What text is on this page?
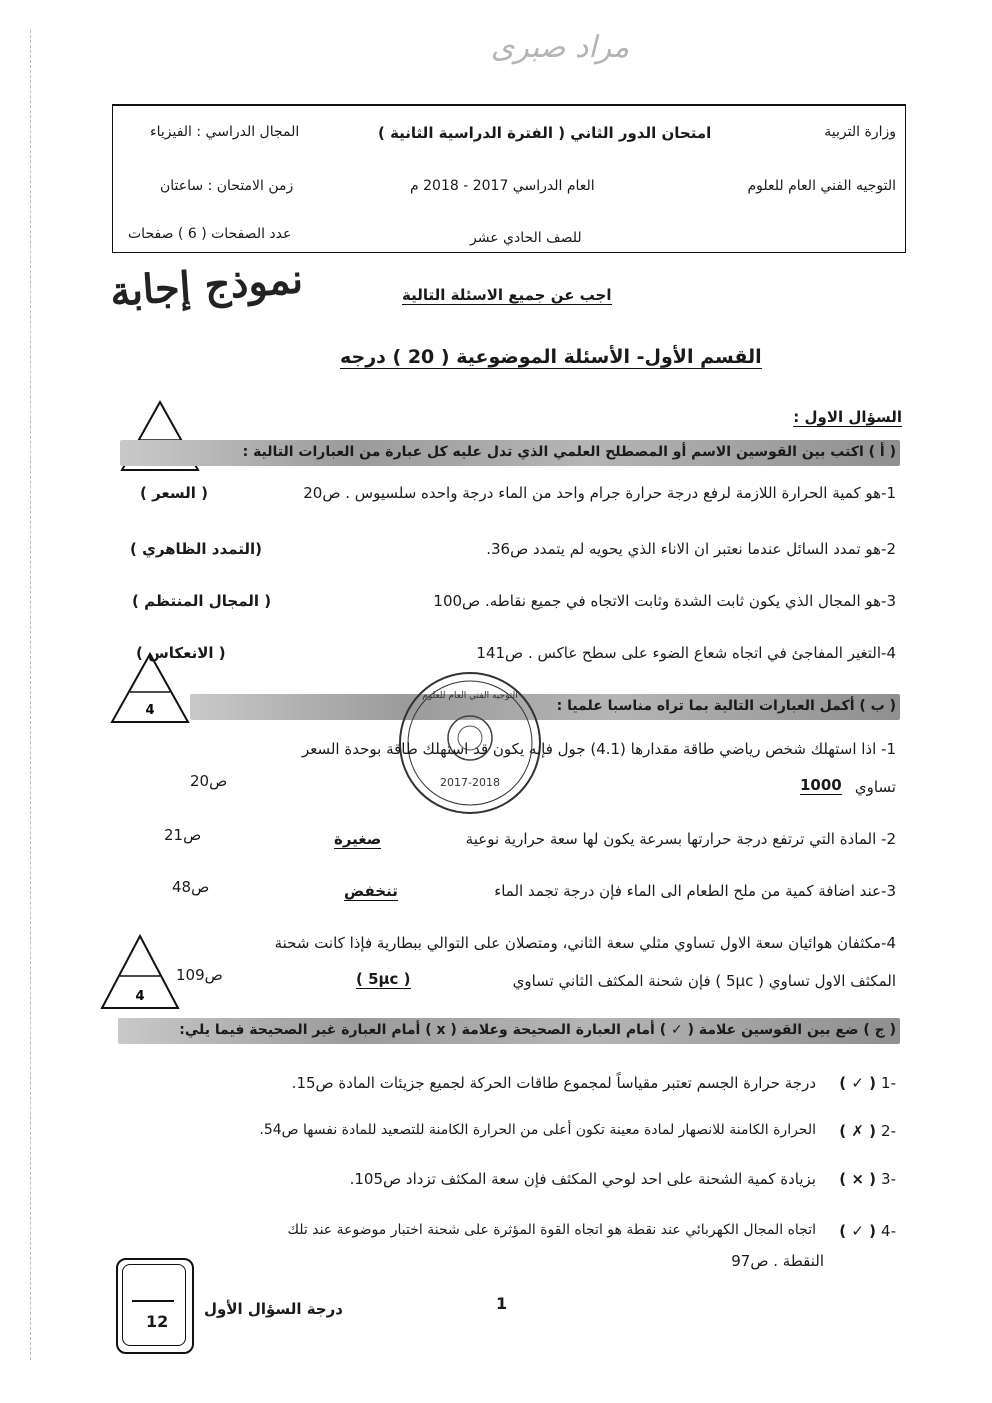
مراد صبرى
وزارة التربية
امتحان الدور الثاني ( الفترة الدراسية الثانية )
المجال الدراسي : الفيزياء
التوجيه الفني العام للعلوم
العام الدراسي 2017 - 2018 م
زمن الامتحان : ساعتان
للصف الحادي عشر
عدد الصفحات ( 6 ) صفحات
نموذج إجابة	اجب عن جميع الاسئلة التالية
القسم الأول- الأسئلة الموضوعية ( 20 ) درجه
السؤال الاول :
4
4
( أ ) اكتب بين القوسين الاسم أو المصطلح العلمي الذي تدل عليه كل عبارة من العبارات التالية :
1-هو كمية الحرارة اللازمة لرفع درجة حرارة جرام واحد من الماء درجة واحده سلسيوس . ص20
( السعر )
2-هو تمدد السائل عندما نعتبر ان الاناء الذي يحويه لم يتمدد ص36.
(التمدد الظاهري )
3-هو المجال الذي يكون ثابت الشدة وثابت الاتجاه في جميع نقاطه. ص100
( المجال المنتظم )
4-التغير المفاجئ في اتجاه شعاع الضوء على سطح عاكس . ص141
( الانعكاس )
( ب ) أكمل العبارات التالية بما تراه مناسبا علميا :
التوجيه الفني العام للعلوم
2017-2018
1- اذا استهلك شخص رياضي طاقة مقدارها (4.1) جول فإنه يكون قد استهلك طاقة بوحدة السعر
تساوي
1000
ص20
2- المادة التي ترتفع درجة حرارتها بسرعة يكون لها سعة حرارية نوعية
صغيرة
ص21
3-عند اضافة كمية من ملح الطعام الى الماء فإن درجة تجمد الماء
تنخفض
ص48
4-مكثفان هوائيان سعة الاول تساوي مثلي سعة الثاني، ومتصلان على التوالي ببطارية فإذا كانت شحنة
المكثف الاول تساوي ( 5μc ) فإن شحنة المكثف الثاني تساوي
( 5μc )
ص109
( ج ) ضع بين القوسين علامة ( ✓ ) أمام العبارة الصحيحة وعلامة ( x ) أمام العبارة غير الصحيحة فيما يلي:
1-
( ✓ )
درجة حرارة الجسم تعتبر مقياساً لمجموع طاقات الحركة لجميع جزيئات المادة ص15.
2-
( ✗ )
الحرارة الكامنة للانصهار لمادة معينة تكون أعلى من الحرارة الكامنة للتصعيد للمادة نفسها ص54.
3-
( × )
بزيادة كمية الشحنة على احد لوحي المكثف فإن سعة المكثف تزداد ص105.
4-
( ✓ )
اتجاه المجال الكهربائي عند نقطة هو اتجاه القوة المؤثرة على شحنة اختبار موضوعة عند تلك
النقطة . ص97
12
درجة السؤال الأول	1
